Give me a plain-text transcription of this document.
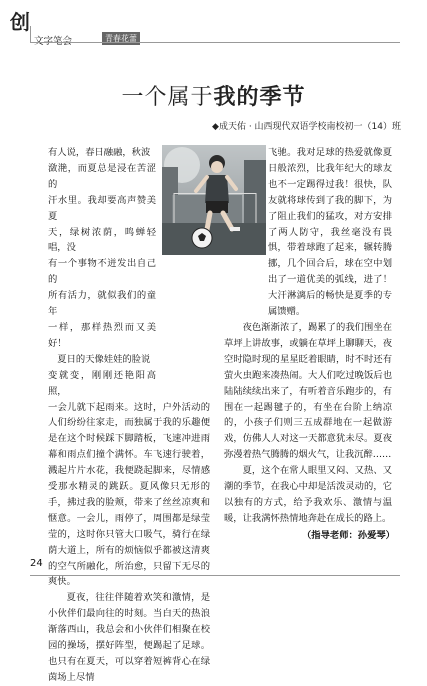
创
文字笔会	青春花蕾
一个属于我的季节
◆成天佑 · 山西现代双语学校南校初一（14）班
有人说，春日融融，秋波
潋滟，而夏总是浸在苦涩的
汗水里。我却要高声赞美夏
天，绿树浓荫，鸣蝉轻唱，没
有一个事物不迸发出自己的
所有活力，就似我们的童年
一样，那样热烈而又美好！
　夏日的天像娃娃的脸说
变就变，刚刚还艳阳高照，

一会儿就下起雨来。这时，户外活动的人们纷纷往家走，而独属于我的乐趣便是在这个时候踩下脚踏板，飞速冲进雨幕和雨点们撞个满怀。车飞速行驶着，溅起片片水花，我便跷起脚来，尽情感受那水精灵的跳跃。夏风像只无形的手，拂过我的脸颊，带来了丝丝凉爽和惬意。一会儿，雨停了，周围都是绿莹莹的，这时你只管大口吸气，骑行在绿荫大道上，所有的烦恼似乎都被这清爽的空气所融化，所治愈，只留下无尽的爽快。

夏夜，往往伴随着欢笑和激情，是小伙伴们最向往的时刻。当白天的热浪渐落西山，我总会和小伙伴们相聚在校园的操场，摆好阵型，便踢起了足球。也只有在夏天，可以穿着短裤背心在绿茵场上尽情

飞驰。我对足球的热爱就像夏日般浓烈，比我年纪大的球友也不一定踢得过我！很快，队友就将球传到了我的脚下，为了阻止我们的猛攻，对方安排了两人防守，我丝毫没有畏惧，带着球跑了起来，辗转腾挪，几个回合后，球在空中划出了一道优美的弧线，进了！大汗淋漓后的畅快是夏季的专属馈赠。

夜色渐渐浓了，踢累了的我们围坐在草坪上讲故事，或躺在草坪上聊聊天，夜空时隐时现的星星眨着眼睛，时不时还有萤火虫跑来凑热闹。大人们吃过晚饭后也陆陆续续出来了，有听着音乐跑步的，有围在一起踢毽子的，有坐在台阶上纳凉的，小孩子们则三五成群地在一起做游戏，仿佛人人对这一天都意犹未尽。夏夜弥漫着热气腾腾的烟火气，让我沉醉……

夏，这个在常人眼里又闷、又热、又潮的季节，在我心中却是活泼灵动的，它以独有的方式，给予我欢乐、激情与温暖，让我满怀热情地奔赴在成长的路上。

（指导老师：孙爱琴）
24
